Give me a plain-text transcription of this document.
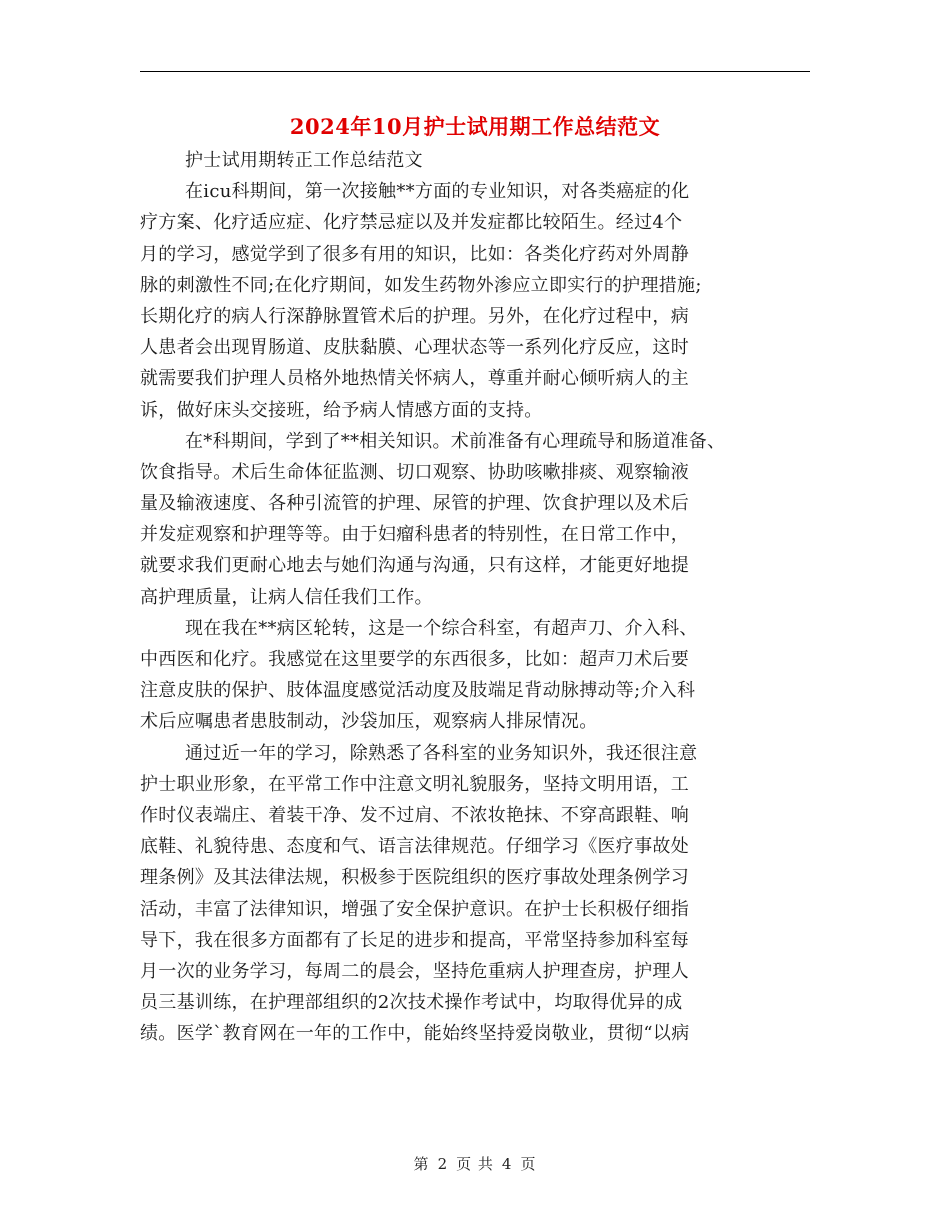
2024年10月护士试用期工作总结范文
护士试用期转正工作总结范文
在icu科期间，第一次接触**方面的专业知识，对各类癌症的化
疗方案、化疗适应症、化疗禁忌症以及并发症都比较陌生。经过4个
月的学习，感觉学到了很多有用的知识，比如：各类化疗药对外周静
脉的刺激性不同;在化疗期间，如发生药物外渗应立即实行的护理措施;
长期化疗的病人行深静脉置管术后的护理。另外，在化疗过程中，病
人患者会出现胃肠道、皮肤黏膜、心理状态等一系列化疗反应，这时
就需要我们护理人员格外地热情关怀病人，尊重并耐心倾听病人的主
诉，做好床头交接班，给予病人情感方面的支持。
在*科期间，学到了**相关知识。术前准备有心理疏导和肠道准备、
饮食指导。术后生命体征监测、切口观察、协助咳嗽排痰、观察输液
量及输液速度、各种引流管的护理、尿管的护理、饮食护理以及术后
并发症观察和护理等等。由于妇瘤科患者的特别性，在日常工作中，
就要求我们更耐心地去与她们沟通与沟通，只有这样，才能更好地提
高护理质量，让病人信任我们工作。
现在我在**病区轮转，这是一个综合科室，有超声刀、介入科、
中西医和化疗。我感觉在这里要学的东西很多，比如：超声刀术后要
注意皮肤的保护、肢体温度感觉活动度及肢端足背动脉搏动等;介入科
术后应嘱患者患肢制动，沙袋加压，观察病人排尿情况。
通过近一年的学习，除熟悉了各科室的业务知识外，我还很注意
护士职业形象，在平常工作中注意文明礼貌服务，坚持文明用语，工
作时仪表端庄、着装干净、发不过肩、不浓妆艳抹、不穿高跟鞋、响
底鞋、礼貌待患、态度和气、语言法律规范。仔细学习《医疗事故处
理条例》及其法律法规，积极参于医院组织的医疗事故处理条例学习
活动，丰富了法律知识，增强了安全保护意识。在护士长积极仔细指
导下，我在很多方面都有了长足的进步和提高，平常坚持参加科室每
月一次的业务学习，每周二的晨会，坚持危重病人护理查房，护理人
员三基训练，在护理部组织的2次技术操作考试中，均取得优异的成
绩。医学`教育网在一年的工作中，能始终坚持爱岗敬业，贯彻“以病
第 2 页 共 4 页
